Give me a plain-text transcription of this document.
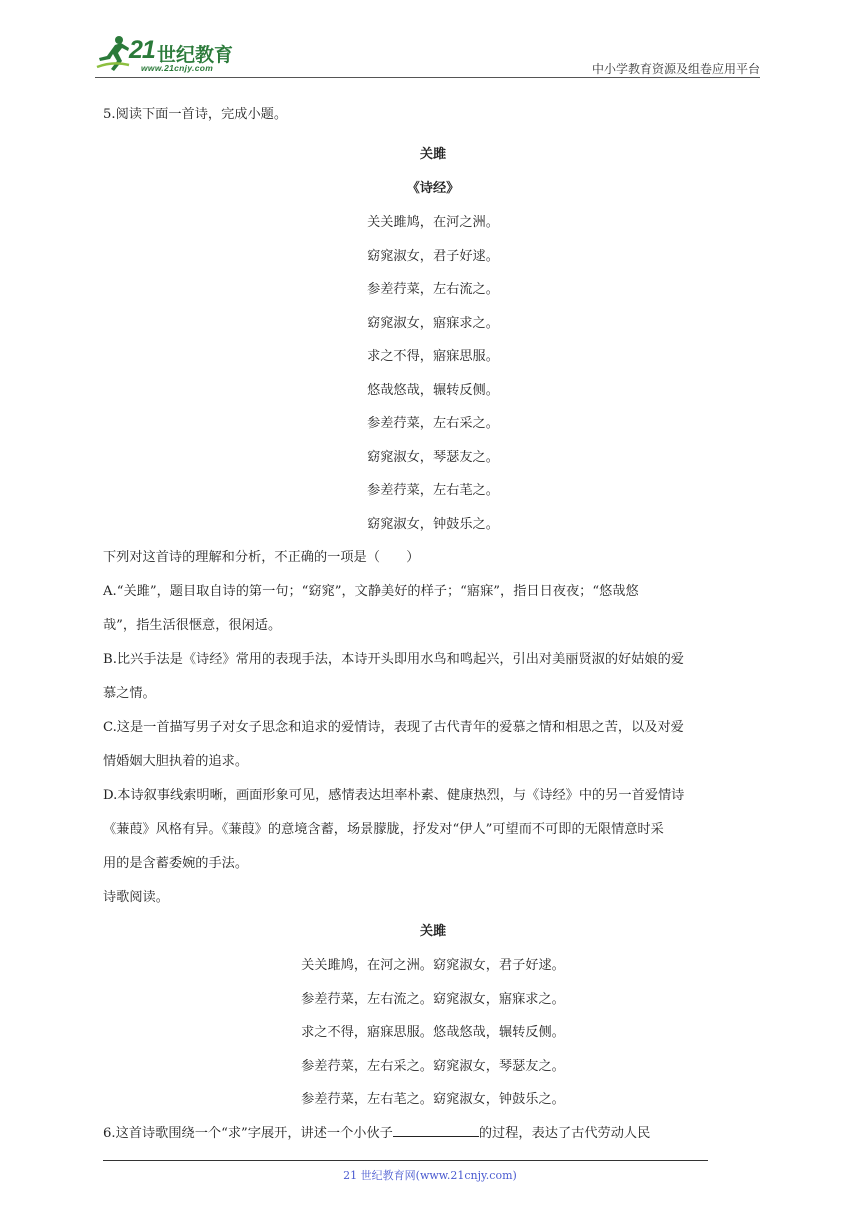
21 世纪教育
www.21cnjy.com	中小学教育资源及组卷应用平台

5.阅读下面一首诗，完成小题。

关雎

《诗经》

关关雎鸠，在河之洲。

窈窕淑女，君子好逑。

参差荇菜，左右流之。

窈窕淑女，寤寐求之。

求之不得，寤寐思服。

悠哉悠哉，辗转反侧。

参差荇菜，左右采之。

窈窕淑女，琴瑟友之。

参差荇菜，左右芼之。

窈窕淑女，钟鼓乐之。

下列对这首诗的理解和分析，不正确的一项是（　　）

A.“关雎”，题目取自诗的第一句；“窈窕”，文静美好的样子；“寤寐”，指日日夜夜；“悠哉悠

哉”，指生活很惬意，很闲适。

B.比兴手法是《诗经》常用的表现手法，本诗开头即用水鸟和鸣起兴，引出对美丽贤淑的好姑娘的爱

慕之情。

C.这是一首描写男子对女子思念和追求的爱情诗，表现了古代青年的爱慕之情和相思之苦，以及对爱

情婚姻大胆执着的追求。

D.本诗叙事线索明晰，画面形象可见，感情表达坦率朴素、健康热烈，与《诗经》中的另一首爱情诗

《蒹葭》风格有异。《蒹葭》的意境含蓄，场景朦胧，抒发对“伊人”可望而不可即的无限情意时采

用的是含蓄委婉的手法。

诗歌阅读。

关雎

关关雎鸠，在河之洲。窈窕淑女，君子好逑。

参差荇菜，左右流之。窈窕淑女，寤寐求之。

求之不得，寤寐思服。悠哉悠哉，辗转反侧。

参差荇菜，左右采之。窈窕淑女，琴瑟友之。

参差荇菜，左右芼之。窈窕淑女，钟鼓乐之。

6.这首诗歌围绕一个“求”字展开，讲述一个小伙子	的过程，表达了古代劳动人民

21 世纪教育网(www.21cnjy.com)
